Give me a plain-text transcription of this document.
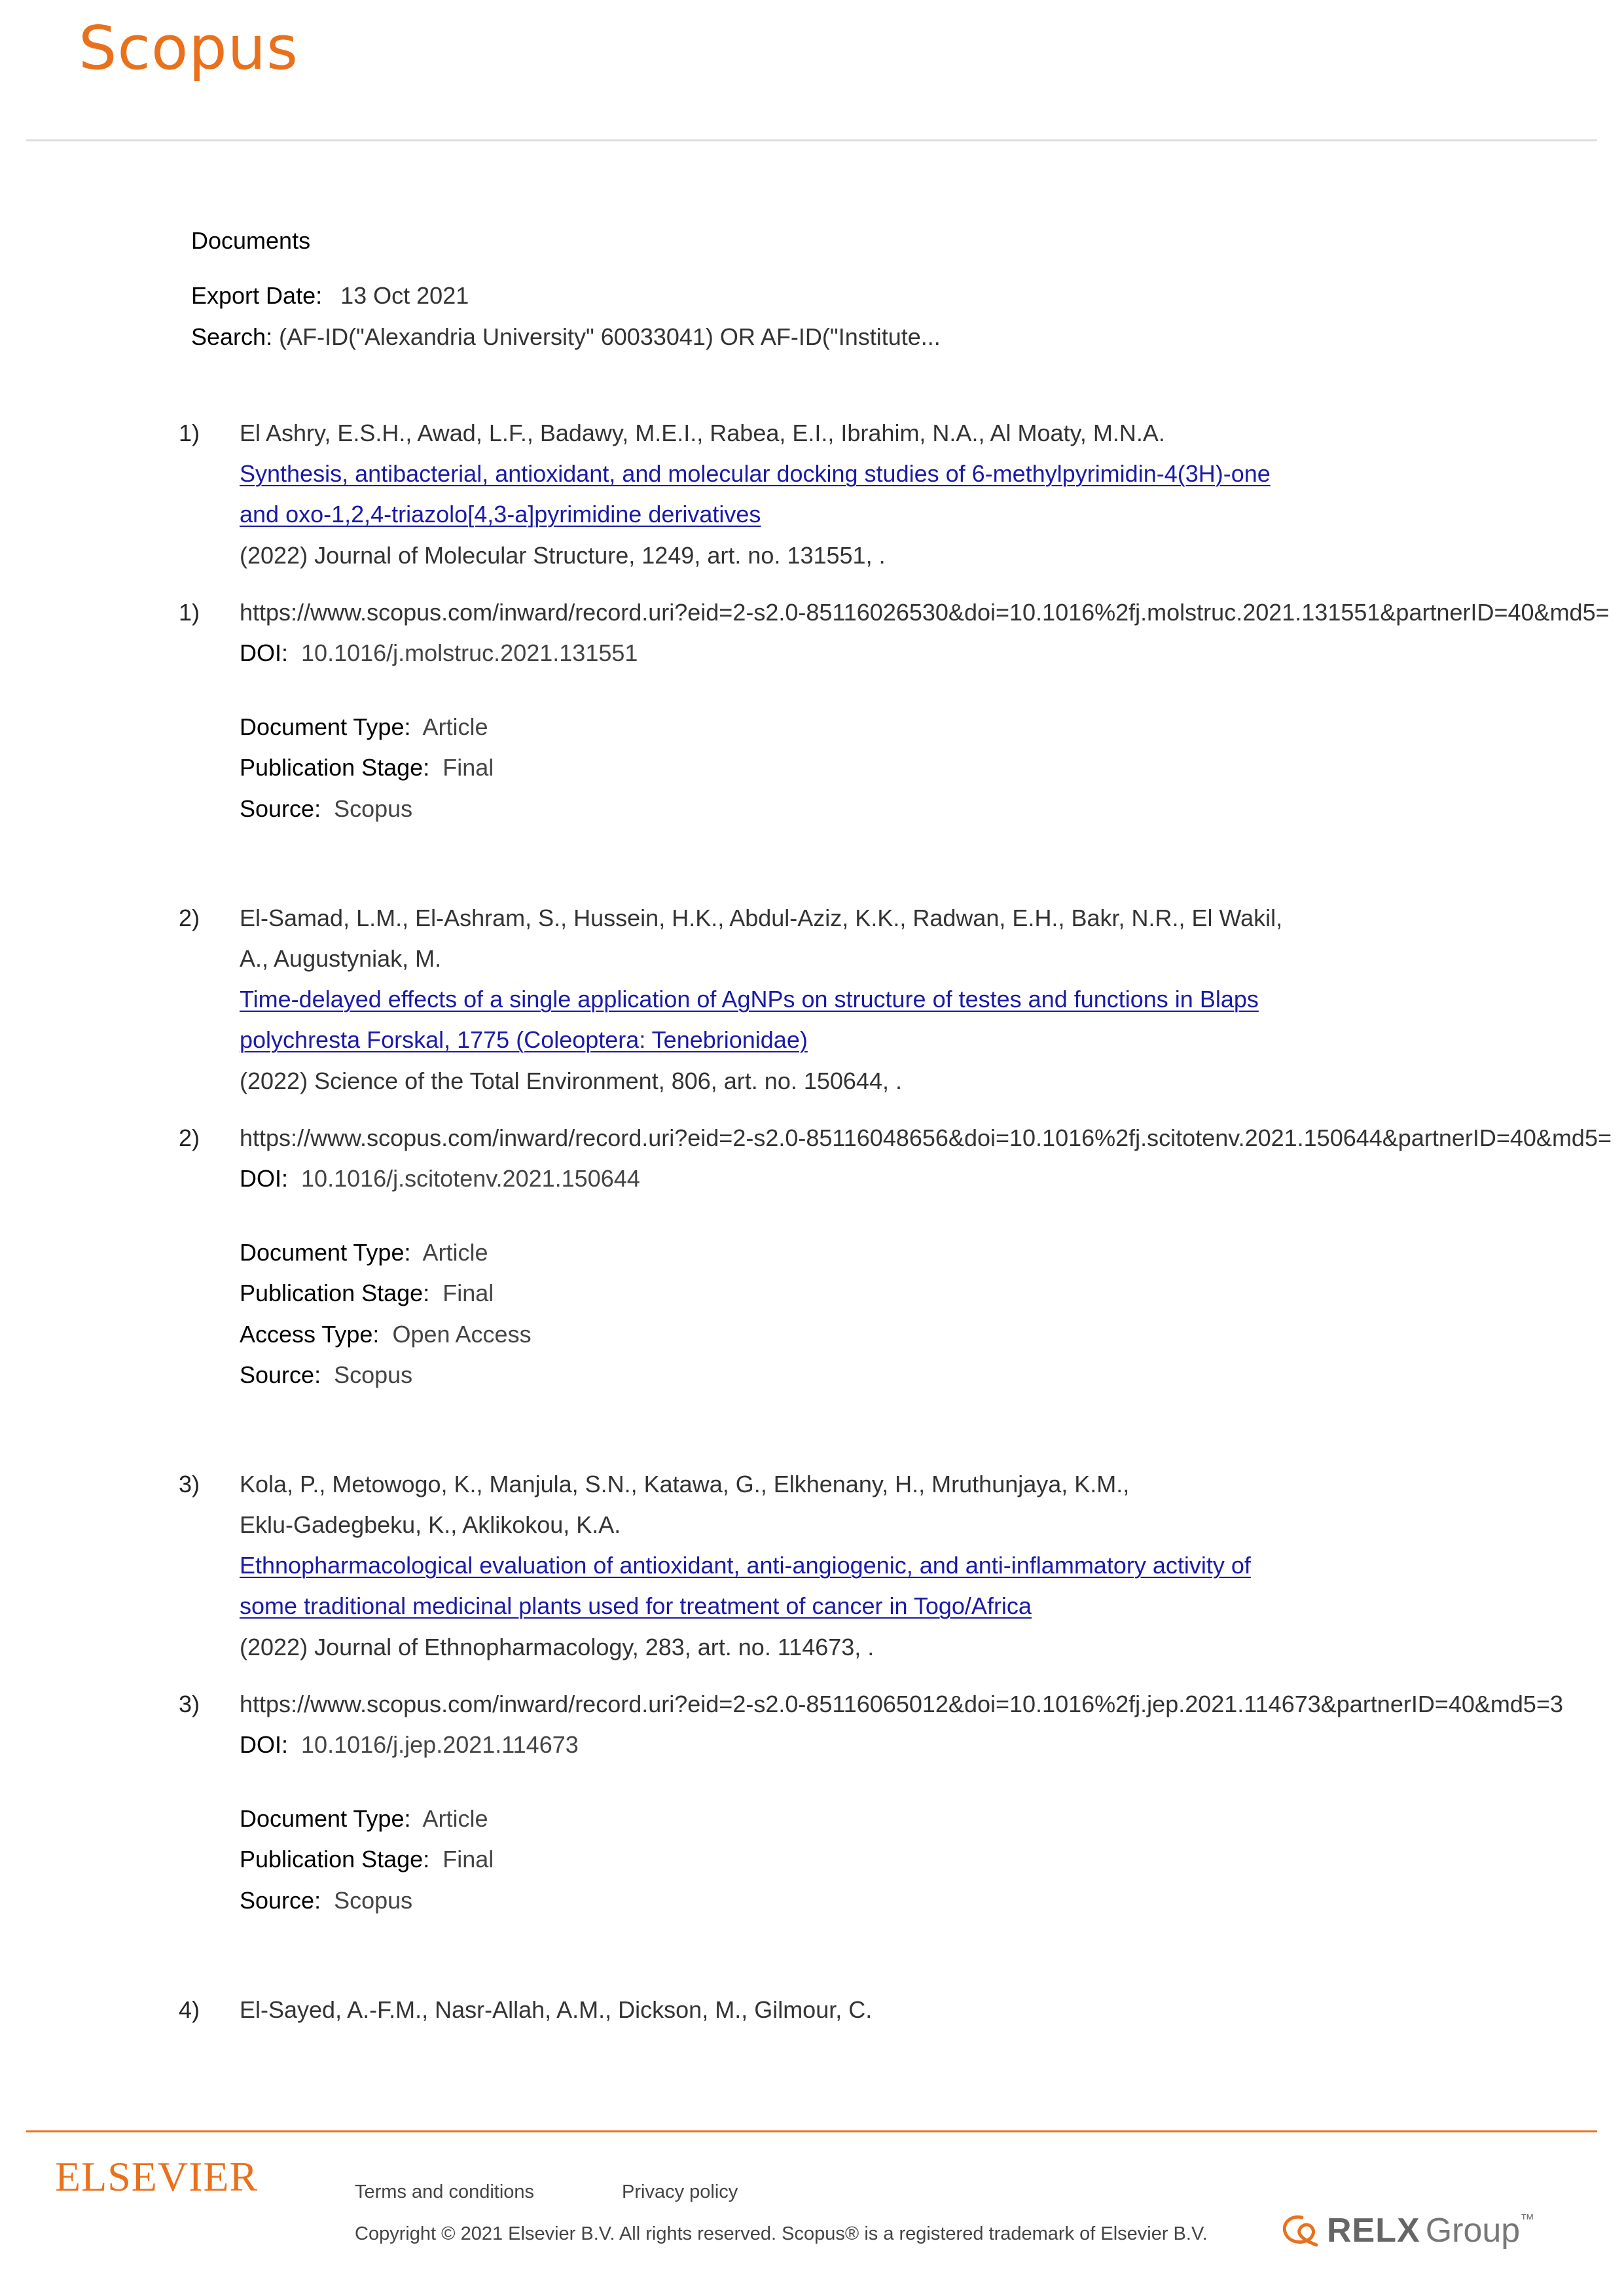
Scopus
Documents
Export Date: 13 Oct 2021
Search: (AF-ID("Alexandria University" 60033041) OR AF-ID("Institute...
1) El Ashry, E.S.H., Awad, L.F., Badawy, M.E.I., Rabea, E.I., Ibrahim, N.A., Al Moaty, M.N.A.
Synthesis, antibacterial, antioxidant, and molecular docking studies of 6-methylpyrimidin-4(3H)-one
and oxo-1,2,4-triazolo[4,3-a]pyrimidine derivatives
(2022) Journal of Molecular Structure, 1249, art. no. 131551, .
1) https://www.scopus.com/inward/record.uri?eid=2-s2.0-85116026530&doi=10.1016%2fj.molstruc.2021.131551&partnerID=40&md5=
DOI: 10.1016/j.molstruc.2021.131551
Document Type: Article
Publication Stage: Final
Source: Scopus
2) El-Samad, L.M., El-Ashram, S., Hussein, H.K., Abdul-Aziz, K.K., Radwan, E.H., Bakr, N.R., El Wakil,
A., Augustyniak, M.
Time-delayed effects of a single application of AgNPs on structure of testes and functions in Blaps
polychresta Forskal, 1775 (Coleoptera: Tenebrionidae)
(2022) Science of the Total Environment, 806, art. no. 150644, .
2) https://www.scopus.com/inward/record.uri?eid=2-s2.0-85116048656&doi=10.1016%2fj.scitotenv.2021.150644&partnerID=40&md5=
DOI: 10.1016/j.scitotenv.2021.150644
Document Type: Article
Publication Stage: Final
Access Type: Open Access
Source: Scopus
3) Kola, P., Metowogo, K., Manjula, S.N., Katawa, G., Elkhenany, H., Mruthunjaya, K.M.,
Eklu-Gadegbeku, K., Aklikokou, K.A.
Ethnopharmacological evaluation of antioxidant, anti-angiogenic, and anti-inflammatory activity of
some traditional medicinal plants used for treatment of cancer in Togo/Africa
(2022) Journal of Ethnopharmacology, 283, art. no. 114673, .
3) https://www.scopus.com/inward/record.uri?eid=2-s2.0-85116065012&doi=10.1016%2fj.jep.2021.114673&partnerID=40&md5=3
DOI: 10.1016/j.jep.2021.114673
Document Type: Article
Publication Stage: Final
Source: Scopus
4) El-Sayed, A.-F.M., Nasr-Allah, A.M., Dickson, M., Gilmour, C.
ELSEVIER	Terms and conditions	Privacy policy
Copyright © 2021 Elsevier B.V. All rights reserved. Scopus® is a registered trademark of Elsevier B.V.	RELX Group ™
